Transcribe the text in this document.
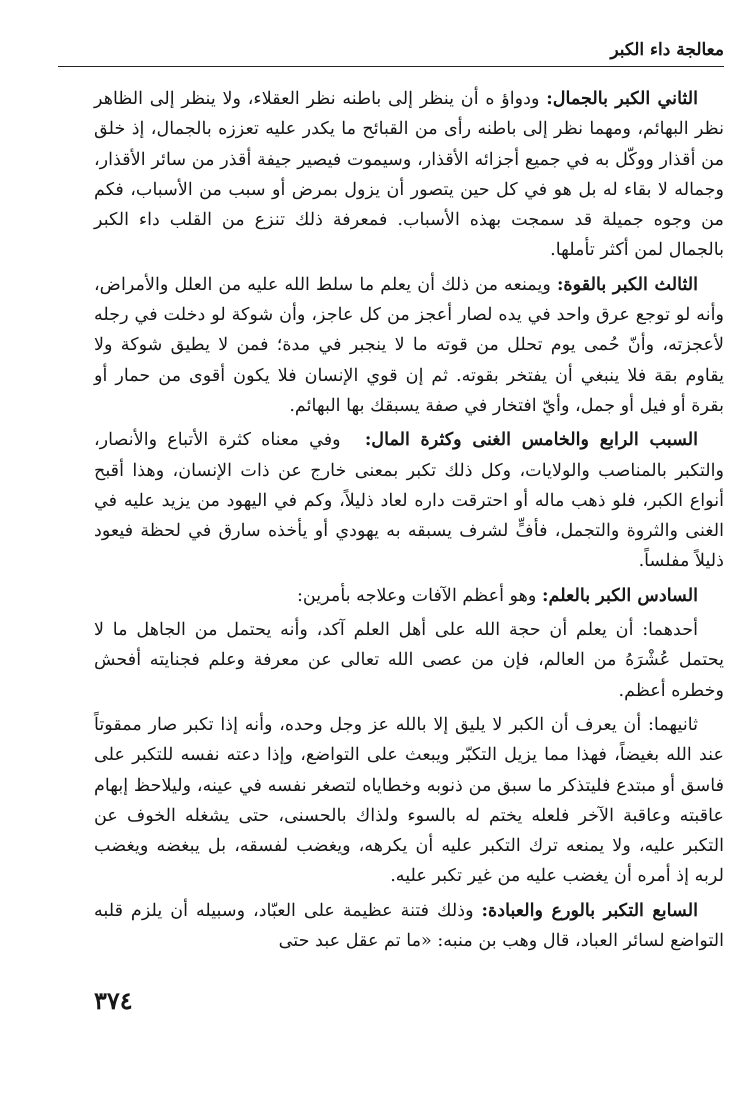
معالجة داء الكبر

الثاني الكبر بالجمال: ودواؤ ه أن ينظر إلى باطنه نظر العقلاء، ولا ينظر إلى الظاهر نظر البهائم، ومهما نظر إلى باطنه رأى من القبائح ما يكدر عليه تعززه بالجمال، إذ خلق من أقذار ووكّل به في جميع أجزائه الأقذار، وسيموت فيصير جيفة أقذر من سائر الأقذار، وجماله لا بقاء له بل هو في كل حين يتصور أن يزول بمرض أو سبب من الأسباب، فكم من وجوه جميلة قد سمجت بهذه الأسباب. فمعرفة ذلك تنزع من القلب داء الكبر بالجمال لمن أكثر تأملها.

الثالث الكبر بالقوة: ويمنعه من ذلك أن يعلم ما سلط الله عليه من العلل والأمراض، وأنه لو توجع عرق واحد في يده لصار أعجز من كل عاجز، وأن شوكة لو دخلت في رجله لأعجزته، وأنّ حُمى يوم تحلل من قوته ما لا ينجبر في مدة؛ فمن لا يطيق شوكة ولا يقاوم بقة فلا ينبغي أن يفتخر بقوته. ثم إن قوي الإنسان فلا يكون أقوى من حمار أو بقرة أو فيل أو جمل، وأيّ افتخار في صفة يسبقك بها البهائم.

السبب الرابع والخامس الغنى وكثرة المال: وفي معناه كثرة الأتباع والأنصار، والتكبر بالمناصب والولايات، وكل ذلك تكبر بمعنى خارج عن ذات الإنسان، وهذا أقبح أنواع الكبر، فلو ذهب ماله أو احترقت داره لعاد ذليلاً، وكم في اليهود من يزيد عليه في الغنى والثروة والتجمل، فأفٍّ لشرف يسبقه به يهودي أو يأخذه سارق في لحظة فيعود ذليلاً مفلساً.

السادس الكبر بالعلم: وهو أعظم الآفات وعلاجه بأمرين:

أحدهما: أن يعلم أن حجة الله على أهل العلم آكد، وأنه يحتمل من الجاهل ما لا يحتمل عُشْرَهُ من العالم، فإن من عصى الله تعالى عن معرفة وعلم فجنايته أفحش وخطره أعظم.

ثانيهما: أن يعرف أن الكبر لا يليق إلا بالله عز وجل وحده، وأنه إذا تكبر صار ممقوتاً عند الله بغيضاً، فهذا مما يزيل التكبّر ويبعث على التواضع، وإذا دعته نفسه للتكبر على فاسق أو مبتدع فليتذكر ما سبق من ذنوبه وخطاياه لتصغر نفسه في عينه، وليلاحظ إبهام عاقبته وعاقبة الآخر فلعله يختم له بالسوء ولذاك بالحسنى، حتى يشغله الخوف عن التكبر عليه، ولا يمنعه ترك التكبر عليه أن يكرهه، ويغضب لفسقه، بل يبغضه ويغضب لربه إذ أمره أن يغضب عليه من غير تكبر عليه.

السابع التكبر بالورع والعبادة: وذلك فتنة عظيمة على العبّاد، وسبيله أن يلزم قلبه التواضع لسائر العباد، قال وهب بن منبه: «ما تم عقل عبد حتى

٣٧٤
